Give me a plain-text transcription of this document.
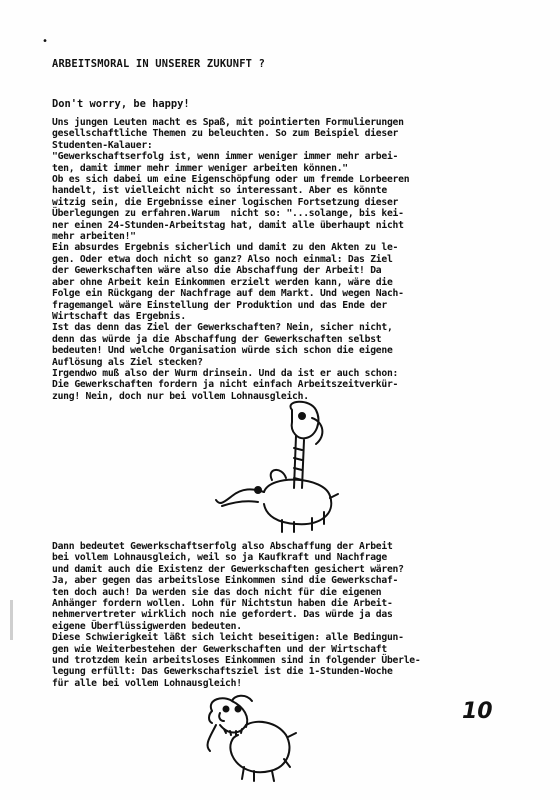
•
ARBEITSMORAL IN UNSERER ZUKUNFT ?
Don't worry, be happy!
Uns jungen Leuten macht es Spaß, mit pointierten Formulierungen
gesellschaftliche Themen zu beleuchten. So zum Beispiel dieser
Studenten-Kalauer:
"Gewerkschaftserfolg ist, wenn immer weniger immer mehr arbei-
ten, damit immer mehr immer weniger arbeiten können."
Ob es sich dabei um eine Eigenschöpfung oder um fremde Lorbeeren
handelt, ist vielleicht nicht so interessant. Aber es könnte
witzig sein, die Ergebnisse einer logischen Fortsetzung dieser
Überlegungen zu erfahren.Warum  nicht so: "...solange, bis kei-
ner einen 24-Stunden-Arbeitstag hat, damit alle überhaupt nicht
mehr arbeiten!"
Ein absurdes Ergebnis sicherlich und damit zu den Akten zu le-
gen. Oder etwa doch nicht so ganz? Also noch einmal: Das Ziel
der Gewerkschaften wäre also die Abschaffung der Arbeit! Da
aber ohne Arbeit kein Einkommen erzielt werden kann, wäre die
Folge ein Rückgang der Nachfrage auf dem Markt. Und wegen Nach-
fragemangel wäre Einstellung der Produktion und das Ende der
Wirtschaft das Ergebnis.
Ist das denn das Ziel der Gewerkschaften? Nein, sicher nicht,
denn das würde ja die Abschaffung der Gewerkschaften selbst
bedeuten! Und welche Organisation würde sich schon die eigene
Auflösung als Ziel stecken?
Irgendwo muß also der Wurm drinsein. Und da ist er auch schon:
Die Gewerkschaften fordern ja nicht einfach Arbeitszeitverkür-
zung! Nein, doch nur bei vollem Lohnausgleich.
Dann bedeutet Gewerkschaftserfolg also Abschaffung der Arbeit
bei vollem Lohnausgleich, weil so ja Kaufkraft und Nachfrage
und damit auch die Existenz der Gewerkschaften gesichert wären?
Ja, aber gegen das arbeitslose Einkommen sind die Gewerkschaf-
ten doch auch! Da werden sie das doch nicht für die eigenen
Anhänger fordern wollen. Lohn für Nichtstun haben die Arbeit-
nehmervertreter wirklich noch nie gefordert. Das würde ja das
eigene Überflüssigwerden bedeuten.
Diese Schwierigkeit läßt sich leicht beseitigen: alle Bedingun-
gen wie Weiterbestehen der Gewerkschaften und der Wirtschaft
und trotzdem kein arbeitsloses Einkommen sind in folgender Überle-
legung erfüllt: Das Gewerkschaftsziel ist die 1-Stunden-Woche
für alle bei vollem Lohnausgleich!
10
